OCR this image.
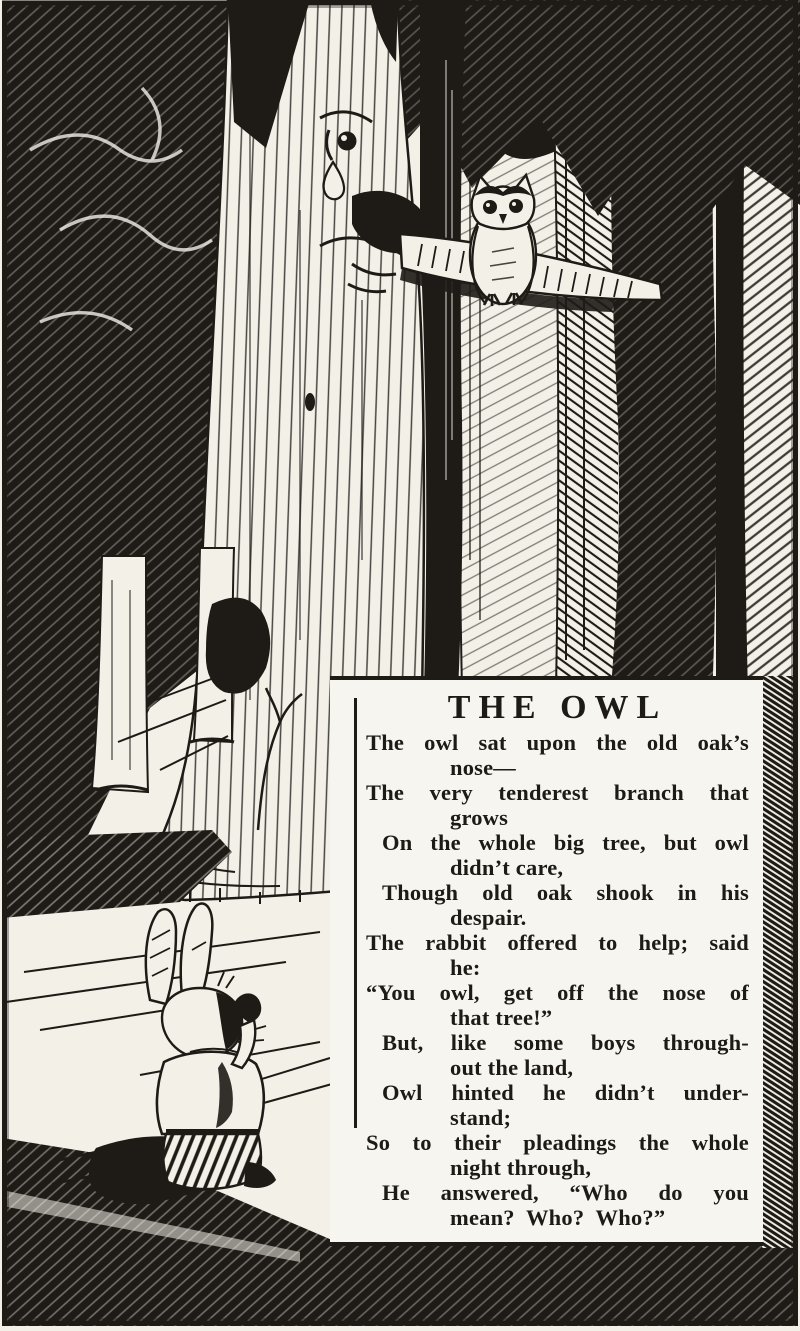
THE OWL
The owl sat upon the old oak’s
nose—
The very tenderest branch that
grows
On the whole big tree, but owl
didn’t care,
Though old oak shook in his
despair.
The rabbit offered to help; said
he:
“You owl, get off the nose of
that tree!”
But, like some boys through-
out the land,
Owl hinted he didn’t under-
stand;
So to their pleadings the whole
night through,
He answered, “Who do you
mean?  Who?  Who?”
